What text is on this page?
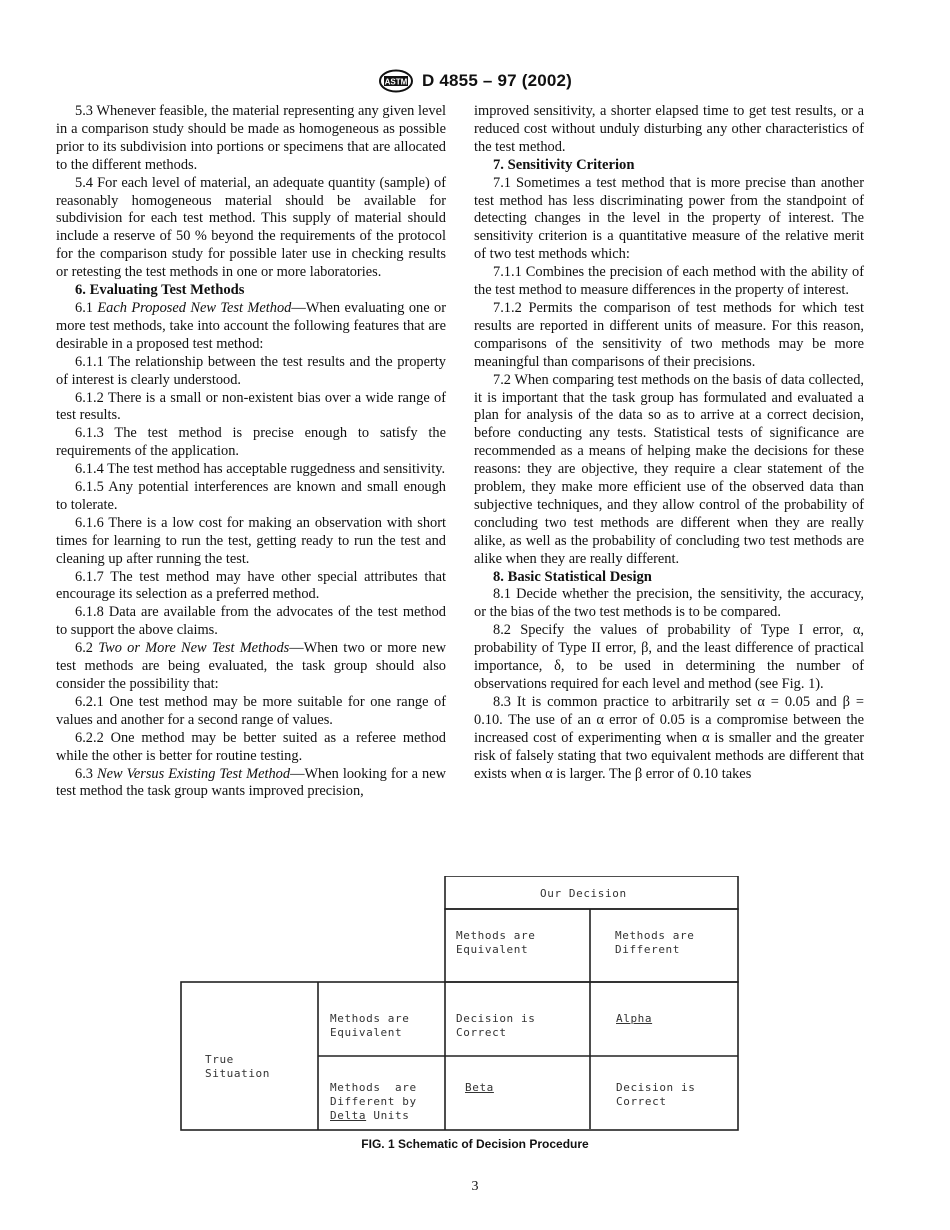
ASTM D 4855 – 97 (2002)

5.3 Whenever feasible, the material representing any given level in a comparison study should be made as homogeneous as possible prior to its subdivision into portions or specimens that are allocated to the different methods.

5.4 For each level of material, an adequate quantity (sample) of reasonably homogeneous material should be available for subdivision for each test method. This supply of material should include a reserve of 50 % beyond the requirements of the protocol for the comparison study for possible later use in checking results or retesting the test methods in one or more laboratories.

6. Evaluating Test Methods

6.1 Each Proposed New Test Method—When evaluating one or more test methods, take into account the following features that are desirable in a proposed test method:

6.1.1 The relationship between the test results and the property of interest is clearly understood.

6.1.2 There is a small or non-existent bias over a wide range of test results.

6.1.3 The test method is precise enough to satisfy the requirements of the application.

6.1.4 The test method has acceptable ruggedness and sensitivity.

6.1.5 Any potential interferences are known and small enough to tolerate.

6.1.6 There is a low cost for making an observation with short times for learning to run the test, getting ready to run the test and cleaning up after running the test.

6.1.7 The test method may have other special attributes that encourage its selection as a preferred method.

6.1.8 Data are available from the advocates of the test method to support the above claims.

6.2 Two or More New Test Methods—When two or more new test methods are being evaluated, the task group should also consider the possibility that:

6.2.1 One test method may be more suitable for one range of values and another for a second range of values.

6.2.2 One method may be better suited as a referee method while the other is better for routine testing.

6.3 New Versus Existing Test Method—When looking for a new test method the task group wants improved precision,

improved sensitivity, a shorter elapsed time to get test results, or a reduced cost without unduly disturbing any other characteristics of the test method.

7. Sensitivity Criterion

7.1 Sometimes a test method that is more precise than another test method has less discriminating power from the standpoint of detecting changes in the level in the property of interest. The sensitivity criterion is a quantitative measure of the relative merit of two test methods which:

7.1.1 Combines the precision of each method with the ability of the test method to measure differences in the property of interest.

7.1.2 Permits the comparison of test methods for which test results are reported in different units of measure. For this reason, comparisons of the sensitivity of two methods may be more meaningful than comparisons of their precisions.

7.2 When comparing test methods on the basis of data collected, it is important that the task group has formulated and evaluated a plan for analysis of the data so as to arrive at a correct decision, before conducting any tests. Statistical tests of significance are recommended as a means of helping make the decisions for these reasons: they are objective, they require a clear statement of the problem, they make more efficient use of the observed data than subjective techniques, and they allow control of the probability of concluding two test methods are different when they are really alike, as well as the probability of concluding two test methods are alike when they are really different.

8. Basic Statistical Design

8.1 Decide whether the precision, the sensitivity, the accuracy, or the bias of the two test methods is to be compared.

8.2 Specify the values of probability of Type I error, α, probability of Type II error, β, and the least difference of practical importance, δ, to be used in determining the number of observations required for each level and method (see Fig. 1).

8.3 It is common practice to arbitrarily set α = 0.05 and β = 0.10. The use of an α error of 0.05 is a compromise between the increased cost of experimenting when α is smaller and the greater risk of falsely stating that two equivalent methods are different that exists when α is larger. The β error of 0.10 takes

Our Decision
Methods are
Equivalent
Methods are
Different
True
Situation
Methods are
Equivalent
Methods  are
Different by
Delta Units
Decision is
Correct
Alpha
Beta	Decision is
Correct
FIG. 1 Schematic of Decision Procedure
3
